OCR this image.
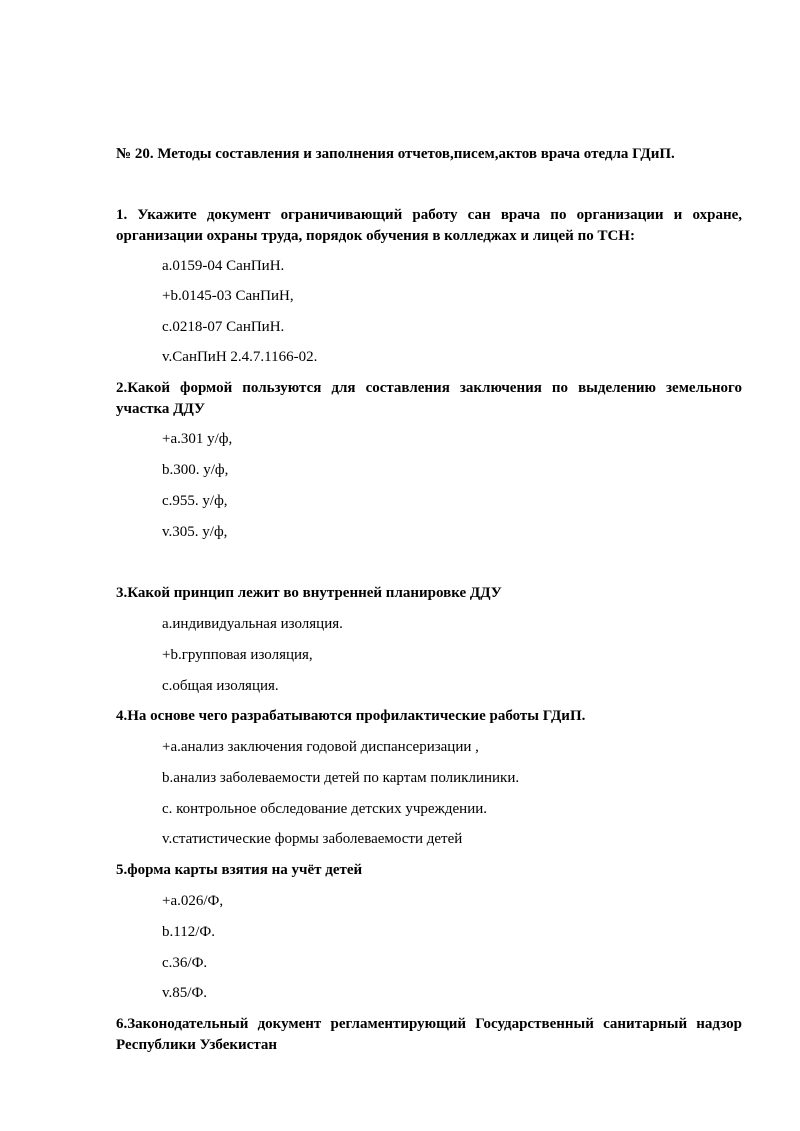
№ 20. Методы составления и заполнения отчетов,писем,актов врача отедла ГДиП.
1. Укажите документ ограничивающий работу сан врача по организации и охране, организации охраны труда, порядок обучения в колледжах и лицей по ТСН:
a.0159-04 СанПиН.
+b.0145-03 СанПиН,
c.0218-07 СанПиН.
v.СанПиН 2.4.7.1166-02.
2.Какой формой пользуются для составления заключения по выделению земельного участка ДДУ
+a.301 у/ф,
b.300. у/ф,
c.955. у/ф,
v.305. у/ф,
3.Какой принцип лежит во внутренней планировке ДДУ
a.индивидуальная изоляция.
+b.групповая изоляция,
c.общая изоляция.
4.На основе чего разрабатываются профилактические работы ГДиП.
+a.анализ заключения годовой диспансеризации ,
b.анализ заболеваемости детей по картам поликлиники.
c. контрольное обследование детских учреждении.
v.статистические формы заболеваемости детей
5.форма карты взятия на учёт детей
+a.026/Ф,
b.112/Ф.
c.36/Ф.
v.85/Ф.
6.Законодательный документ регламентирующий Государственный санитарный надзор Республики Узбекистан
